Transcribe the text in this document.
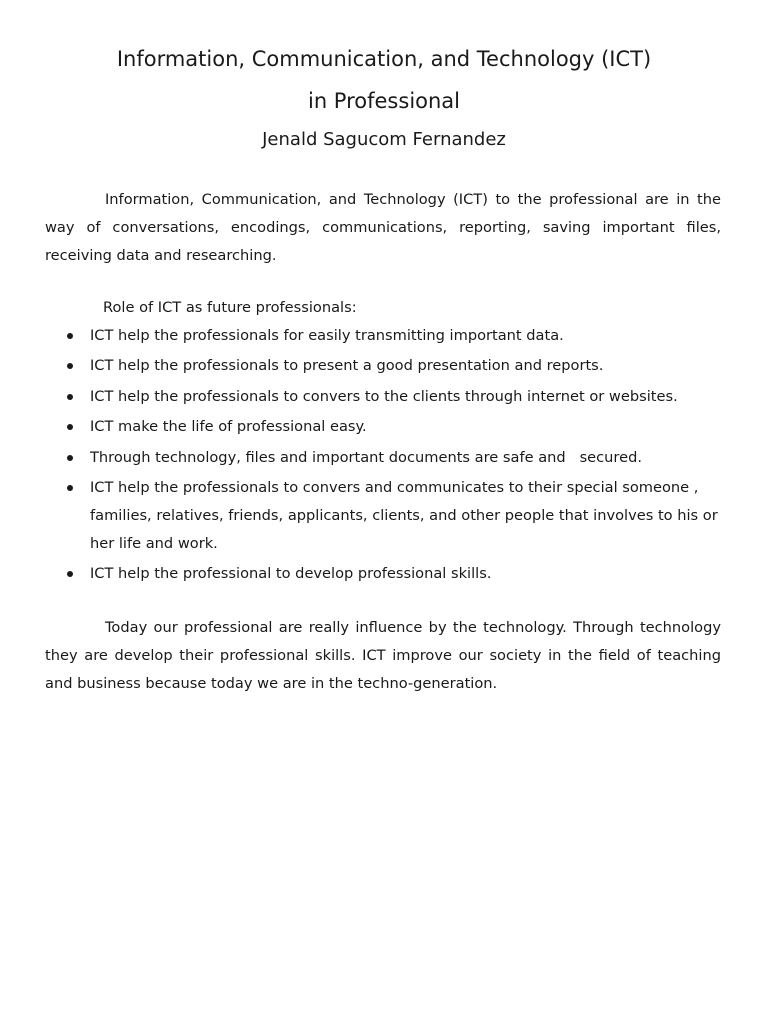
Information, Communication, and Technology (ICT)
in Professional
Jenald Sagucom Fernandez

Information, Communication, and Technology (ICT) to the professional are in the way of conversations, encodings, communications, reporting, saving important files, receiving data and researching.

Role of ICT as future professionals:

ICT help the professionals for easily transmitting important data.
ICT help the professionals to present a good presentation and reports.
ICT help the professionals to convers to the clients through internet or websites.
ICT make the life of professional easy.
Through technology, files and important documents are safe and   secured.
ICT help the professionals to convers and communicates to their special someone , families, relatives, friends, applicants, clients, and other people that involves to his or her life and work.
ICT help the professional to develop professional skills.

Today our professional are really influence by the technology. Through technology they are develop their professional skills. ICT improve our society in the field of teaching and business because today we are in the techno-generation.
